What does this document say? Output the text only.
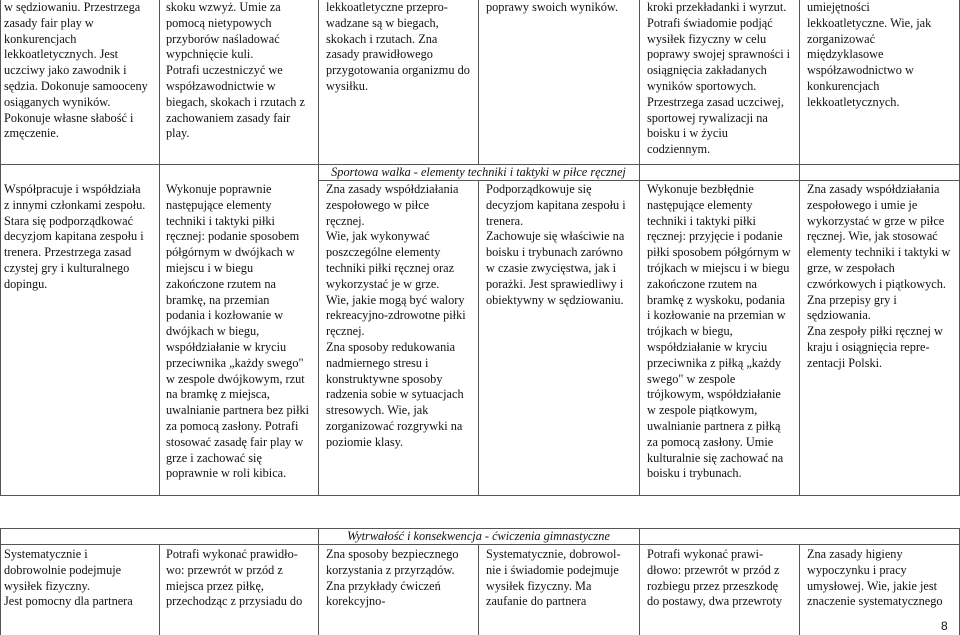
Sportowa walka - elementy techniki i taktyki w piłce ręcznej
Wytrwałość i konsekwencja - ćwiczenia gimnastyczne
w sędziowaniu. Przestrzega
zasady fair play w
konkurencjach
lekkoatletycznych. Jest
uczciwy jako zawodnik i
sędzia. Dokonuje samooceny
osiąganych wyników.
Pokonuje własne słabość i
zmęczenie.
skoku wzwyż. Umie za
pomocą nietypowych
przyborów naśladować
wypchnięcie kuli.
Potrafi uczestniczyć we
współzawodnictwie w
biegach, skokach i rzutach z
zachowaniem zasady fair
play.
lekkoatletyczne przepro-
wadzane są w biegach,
skokach i rzutach. Zna
zasady prawidłowego
przygotowania organizmu do
wysiłku.
poprawy swoich wyników.	kroki przekładanki i wyrzut.
Potrafi świadomie podjąć
wysiłek fizyczny w celu
poprawy swojej sprawności i
osiągnięcia zakładanych
wyników sportowych.
Przestrzega zasad uczciwej,
sportowej rywalizacji na
boisku i w życiu
codziennym.
umiejętności
lekkoatletyczne. Wie, jak
zorganizować
międzyklasowe
współzawodnictwo w
konkurencjach
lekkoatletycznych.
Współpracuje i współdziała
z innymi członkami zespołu.
Stara się podporządkować
decyzjom kapitana zespołu i
trenera. Przestrzega zasad
czystej gry i kulturalnego
dopingu.
Wykonuje poprawnie
następujące elementy
techniki i taktyki piłki
ręcznej: podanie sposobem
półgórnym w dwójkach w
miejscu i w biegu
zakończone rzutem na
bramkę, na przemian
podania i kozłowanie w
dwójkach w biegu,
współdziałanie w kryciu
przeciwnika „każdy swego"
w zespole dwójkowym, rzut
na bramkę z miejsca,
uwalnianie partnera bez piłki
za pomocą zasłony. Potrafi
stosować zasadę fair play w
grze i zachować się
poprawnie w roli kibica.
Zna zasady współdziałania
zespołowego w piłce
ręcznej.
Wie, jak wykonywać
poszczególne elementy
techniki piłki ręcznej oraz
wykorzystać je w grze.
Wie, jakie mogą być walory
rekreacyjno-zdrowotne piłki
ręcznej.
Zna sposoby redukowania
nadmiernego stresu i
konstruktywne sposoby
radzenia sobie w sytuacjach
stresowych. Wie, jak
zorganizować rozgrywki na
poziomie klasy.
Podporządkowuje się
decyzjom kapitana zespołu i
trenera.
Zachowuje się właściwie na
boisku i trybunach zarówno
w czasie zwycięstwa, jak i
porażki. Jest sprawiedliwy i
obiektywny w sędziowaniu.
Wykonuje bezbłędnie
następujące elementy
techniki i taktyki piłki
ręcznej: przyjęcie i podanie
piłki sposobem półgórnym w
trójkach w miejscu i w biegu
zakończone rzutem na
bramkę z wyskoku, podania
i kozłowanie na przemian w
trójkach w biegu,
współdziałanie w kryciu
przeciwnika z piłką „każdy
swego" w zespole
trójkowym, współdziałanie
w zespole piątkowym,
uwalnianie partnera z piłką
za pomocą zasłony. Umie
kulturalnie się zachować na
boisku i trybunach.
Zna zasady współdziałania
zespołowego i umie je
wykorzystać w grze w piłce
ręcznej. Wie, jak stosować
elementy techniki i taktyki w
grze, w zespołach
czwórkowych i piątkowych.
Zna przepisy gry i
sędziowania.
Zna zespoły piłki ręcznej w
kraju i osiągnięcia repre-
zentacji Polski.
Systematycznie i
dobrowolnie podejmuje
wysiłek fizyczny.
Jest pomocny dla partnera
Potrafi wykonać prawidło-
wo: przewrót w przód z
miejsca przez piłkę,
przechodząc z przysiadu do
Zna sposoby bezpiecznego
korzystania z przyrządów.
Zna przykłady ćwiczeń
korekcyjno-
Systematycznie, dobrowol-
nie i świadomie podejmuje
wysiłek fizyczny. Ma
zaufanie do partnera
Potrafi wykonać prawi-
dłowo: przewrót w przód z
rozbiegu przez przeszkodę
do postawy, dwa przewroty
Zna zasady higieny
wypoczynku i pracy
umysłowej. Wie, jakie jest
znaczenie systematycznego
8
